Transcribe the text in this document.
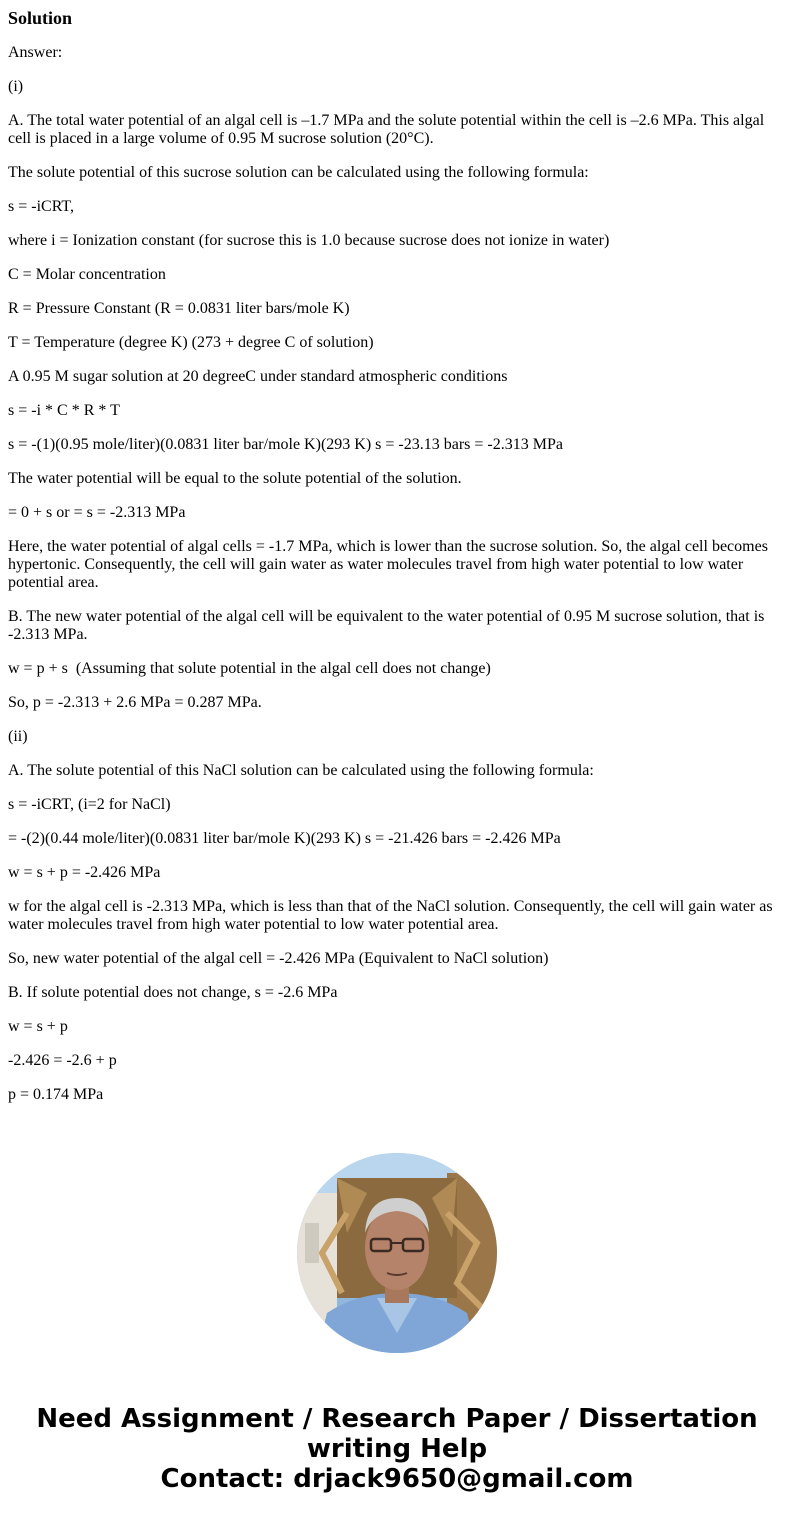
Solution

Answer:

(i)

A. The total water potential of an algal cell is –1.7 MPa and the solute potential within the cell is –2.6 MPa. This algal cell is placed in a large volume of 0.95 M sucrose solution (20°C).

The solute potential of this sucrose solution can be calculated using the following formula:

s = -iCRT,

where i = Ionization constant (for sucrose this is 1.0 because sucrose does not ionize in water)

C = Molar concentration

R = Pressure Constant (R = 0.0831 liter bars/mole K)

T = Temperature (degree K) (273 + degree C of solution)

A 0.95 M sugar solution at 20 degreeC under standard atmospheric conditions

s = -i * C * R * T

s = -(1)(0.95 mole/liter)(0.0831 liter bar/mole K)(293 K) s = -23.13 bars = -2.313 MPa

The water potential will be equal to the solute potential of the solution.

= 0 + s or = s = -2.313 MPa

Here, the water potential of algal cells = -1.7 MPa, which is lower than the sucrose solution. So, the algal cell becomes hypertonic. Consequently, the cell will gain water as water molecules travel from high water potential to low water potential area.

B. The new water potential of the algal cell will be equivalent to the water potential of 0.95 M sucrose solution, that is -2.313 MPa.

w = p + s  (Assuming that solute potential in the algal cell does not change)

So, p = -2.313 + 2.6 MPa = 0.287 MPa.

(ii)

A. The solute potential of this NaCl solution can be calculated using the following formula:

s = -iCRT, (i=2 for NaCl)

= -(2)(0.44 mole/liter)(0.0831 liter bar/mole K)(293 K) s = -21.426 bars = -2.426 MPa

w = s + p = -2.426 MPa

w for the algal cell is -2.313 MPa, which is less than that of the NaCl solution. Consequently, the cell will gain water as water molecules travel from high water potential to low water potential area.

So, new water potential of the algal cell = -2.426 MPa (Equivalent to NaCl solution)

B. If solute potential does not change, s = -2.6 MPa

w = s + p

-2.426 = -2.6 + p

p = 0.174 MPa

Need Assignment / Research Paper / Dissertation
writing Help
Contact: drjack9650@gmail.com
